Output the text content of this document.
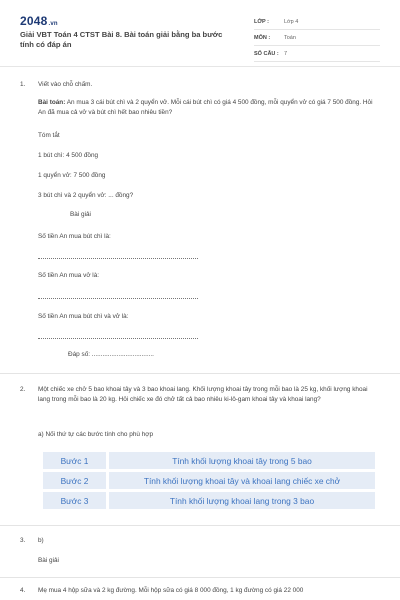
2048.vn
Giải VBT Toán 4 CTST Bài 8. Bài toán giải bằng ba bước tính có đáp án
LỚP :	Lớp 4
MÔN :	Toán
SỐ CÂU : 7
1. Viết vào chỗ chấm.
Bài toán: An mua 3 cái bút chì và 2 quyển vở. Mỗi cái bút chì có giá 4 500 đồng, mỗi quyển vở có giá 7 500 đồng. Hỏi An đã mua cả vở và bút chì hết bao nhiêu tiền?
Tóm tắt
1 bút chì: 4 500 đồng
1 quyển vở: 7 500 đồng
3 bút chì và 2 quyển vở: ... đồng?
Bài giải
Số tiền An mua bút chì là:
Số tiền An mua vở là:
Số tiền An mua bút chì và vở là:
Đáp số: ...................................
2. Một chiếc xe chở 5 bao khoai tây và 3 bao khoai lang. Khối lượng khoai tây trong mỗi bao là 25 kg, khối lượng khoai lang trong mỗi bao là 20 kg. Hỏi chiếc xe đó chở tất cả bao nhiêu ki-lô-gam khoai tây và khoai lang?
a) Nối thứ tự các bước tính cho phù hợp
Bước 1	Tính khối lượng khoai tây trong 5 bao
Bước 2	Tính khối lượng khoai tây và khoai lang chiếc xe chở
Bước 3	Tính khối lượng khoai lang trong 3 bao
3. b)
Bài giải
4. Mẹ mua 4 hộp sữa và 2 kg đường. Mỗi hộp sữa có giá 8 000 đồng, 1 kg đường có giá 22 000
